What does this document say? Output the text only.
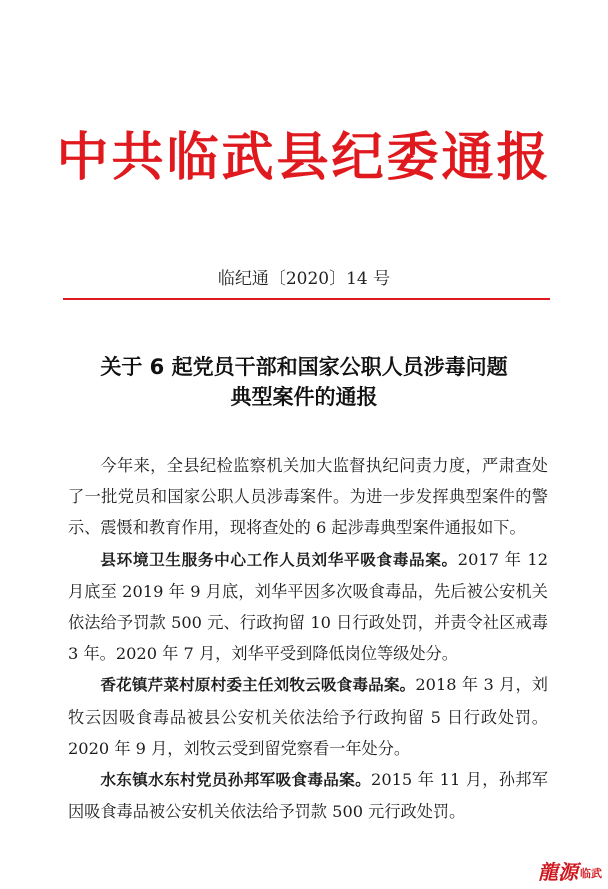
中共临武县纪委通报
临纪通〔2020〕14 号
关于 6 起党员干部和国家公职人员涉毒问题
典型案件的通报

今年来，全县纪检监察机关加大监督执纪问责力度，严肃查处了一批党员和国家公职人员涉毒案件。为进一步发挥典型案件的警示、震慑和教育作用，现将查处的 6 起涉毒典型案件通报如下。

县环境卫生服务中心工作人员刘华平吸食毒品案。2017 年 12 月底至 2019 年 9 月底，刘华平因多次吸食毒品，先后被公安机关依法给予罚款 500 元、行政拘留 10 日行政处罚，并责令社区戒毒 3 年。2020 年 7 月，刘华平受到降低岗位等级处分。

香花镇芹菜村原村委主任刘牧云吸食毒品案。2018 年 3 月，刘牧云因吸食毒品被县公安机关依法给予行政拘留 5 日行政处罚。2020 年 9 月，刘牧云受到留党察看一年处分。

水东镇水东村党员孙邦军吸食毒品案。2015 年 11 月，孙邦军因吸食毒品被公安机关依法给予罚款 500 元行政处罚。

龍源 临武
